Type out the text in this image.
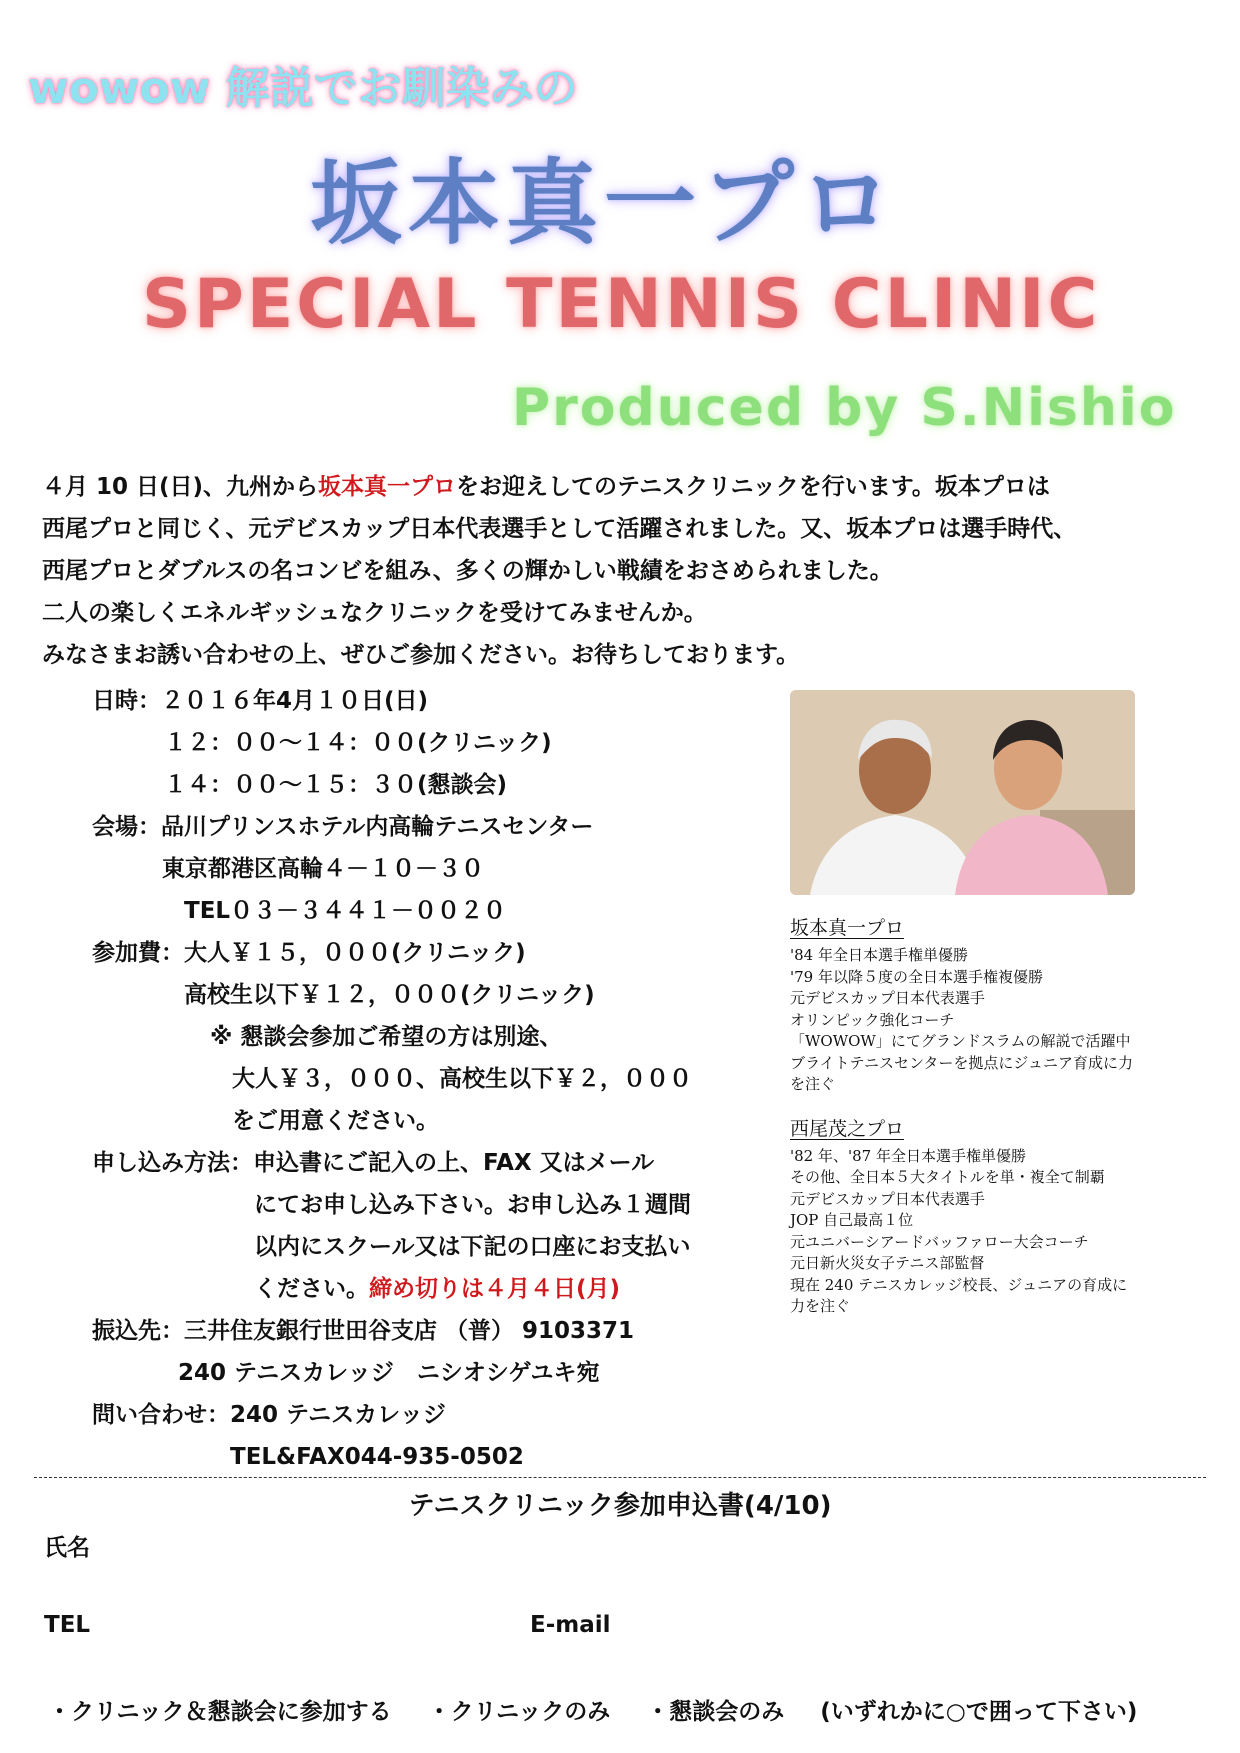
wowow 解説でお馴染みの
坂本真一プロ
SPECIAL TENNIS CLINIC
Produced by S.Nishio

４月 10 日(日)、九州から坂本真一プロをお迎えしてのテニスクリニックを行います。坂本プロは

西尾プロと同じく、元デビスカップ日本代表選手として活躍されました。又、坂本プロは選手時代、

西尾プロとダブルスの名コンビを組み、多くの輝かしい戦績をおさめられました。

二人の楽しくエネルギッシュなクリニックを受けてみませんか。

みなさまお誘い合わせの上、ぜひご参加ください。お待ちしております。

日時：２０１６年4月１０日(日)
１２：００～１４：００(クリニック)
１４：００～１５：３０(懇談会)
会場：品川プリンスホテル内高輪テニスセンター
東京都港区高輪４－１０－３０
TEL０３－３４４１－００２０
参加費：大人￥１５，０００(クリニック)
高校生以下￥１２，０００(クリニック)
※ 懇談会参加ご希望の方は別途、
大人￥３，０００、高校生以下￥２，０００
をご用意ください。
申し込み方法：申込書にご記入の上、FAX 又はメール
にてお申し込み下さい。お申し込み１週間
以内にスクール又は下記の口座にお支払い
ください。締め切りは４月４日(月)
振込先：三井住友銀行世田谷支店 （普） 9103371
240 テニスカレッジ　ニシオシゲユキ宛
問い合わせ：240 テニスカレッジ
TEL&FAX044-935-0502
坂本真一プロ
'84 年全日本選手権単優勝
'79 年以降５度の全日本選手権複優勝
元デビスカップ日本代表選手
オリンピック強化コーチ
「WOWOW」にてグランドスラムの解説で活躍中
ブライトテニスセンターを拠点にジュニア育成に力
を注ぐ
西尾茂之プロ
'82 年、'87 年全日本選手権単優勝
その他、全日本５大タイトルを単・複全て制覇
元デビスカップ日本代表選手
JOP 自己最高１位
元ユニバーシアードバッファロー大会コーチ
元日新火災女子テニス部監督
現在 240 テニスカレッジ校長、ジュニアの育成に
力を注ぐ
テニスクリニック参加申込書(4/10)
氏名
TEL	E-mail
・クリニック＆懇談会に参加する ・クリニックのみ ・懇談会のみ (いずれかに○で囲って下さい)
